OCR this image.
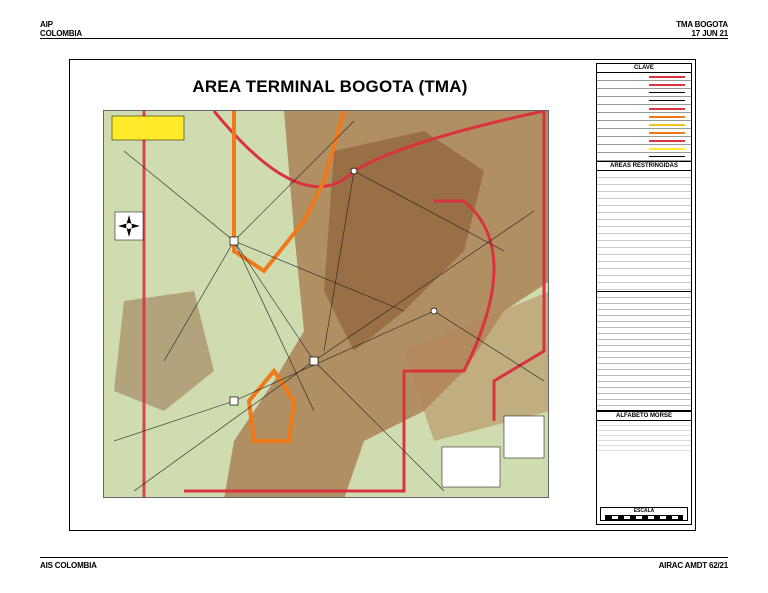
AIP
COLOMBIA
TMA BOGOTA
17 JUN 21
AREA TERMINAL BOGOTA (TMA)
CLAVE
AREAS RESTRINGIDAS
ALFABETO MORSE
ESCALA
AIS COLOMBIA	AIRAC AMDT 62/21
